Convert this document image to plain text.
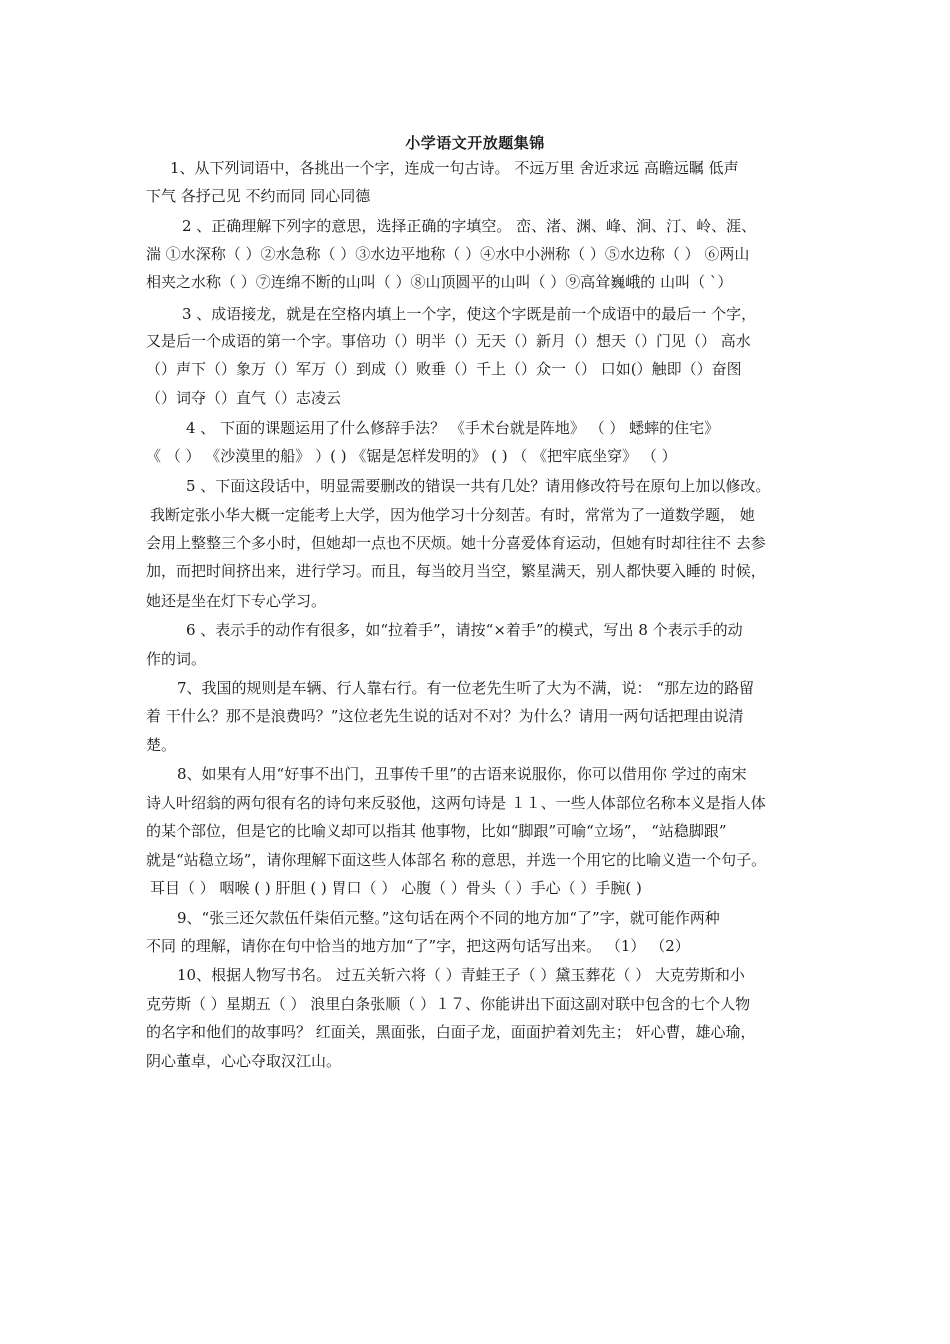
小学语文开放题集锦
1、从下列词语中，各挑出一个字，连成一句古诗。 不远万里 舍近求远 高瞻远瞩 低声
下气 各抒己见 不约而同 同心同德
2 、正确理解下列字的意思，选择正确的字填空。 峦、渚、渊、峰、涧、汀、岭、涯、
湍 ①水深称（ ）②水急称（ ）③水边平地称（ ）④水中小洲称（ ）⑤水边称（ ） ⑥两山
相夹之水称（ ）⑦连绵不断的山叫（ ）⑧山顶圆平的山叫（ ）⑨高耸巍峨的 山叫（ `）
3 、成语接龙，就是在空格内填上一个字，使这个字既是前一个成语中的最后一 个字，
又是后一个成语的第一个字。事倍功（）明半（）无天（）新月（）想天（）门见（） 高水
（）声下（）象万（）军万（）到成（）败垂（）千上（）众一（） 口如(）触即（）奋图
（）词夺（）直气（）志凌云
4 、 下面的课题运用了什么修辞手法？ 《手术台就是阵地》 （ ） 蟋蟀的住宅》
《 （ ） 《沙漠里的船》 ）( ) 《锯是怎样发明的》 ( ) （ 《把牢底坐穿》 （ ）
5 、下面这段话中，明显需要删改的错误一共有几处？请用修改符号在原句上加以修改。
我断定张小华大概一定能考上大学，因为他学习十分刻苦。有时，常常为了一道数学题， 她
会用上整整三个多小时，但她却一点也不厌烦。她十分喜爱体育运动，但她有时却往往不 去参
加，而把时间挤出来，进行学习。而且，每当皎月当空，繁星满天，别人都快要入睡的 时候，
她还是坐在灯下专心学习。
6 、表示手的动作有很多，如“拉着手”，请按“×着手”的模式，写出 8 个表示手的动
作的词。
7、我国的规则是车辆、行人靠右行。有一位老先生听了大为不满，说： “那左边的路留
着 干什么？那不是浪费吗？”这位老先生说的话对不对？为什么？请用一两句话把理由说清
楚。
8、如果有人用“好事不出门，丑事传千里”的古语来说服你，你可以借用你 学过的南宋
诗人叶绍翁的两句很有名的诗句来反驳他，这两句诗是 １１、一些人体部位名称本义是指人体
的某个部位，但是它的比喻义却可以指其 他事物，比如“脚跟”可喻“立场”， “站稳脚跟”
就是“站稳立场”，请你理解下面这些人体部名 称的意思，并选一个用它的比喻义造一个句子。
耳目（ ） 咽喉 ( ) 肝胆 ( ) 胃口（ ） 心腹（ ）骨头（ ）手心（ ）手腕( )
9、“张三还欠款伍仟柒佰元整。”这句话在两个不同的地方加“了”字，就可能作两种
不同 的理解，请你在句中恰当的地方加“了”字，把这两句话写出来。 （1） （2）
10、根据人物写书名。 过五关斩六将（ ）青蛙王子（ ）黛玉葬花（ ） 大克劳斯和小
克劳斯（ ）星期五（ ） 浪里白条张顺（ ）１７、你能讲出下面这副对联中包含的七个人物
的名字和他们的故事吗？ 红面关，黑面张，白面子龙，面面护着刘先主； 奸心曹，雄心瑜，
阴心董卓，心心夺取汉江山。
